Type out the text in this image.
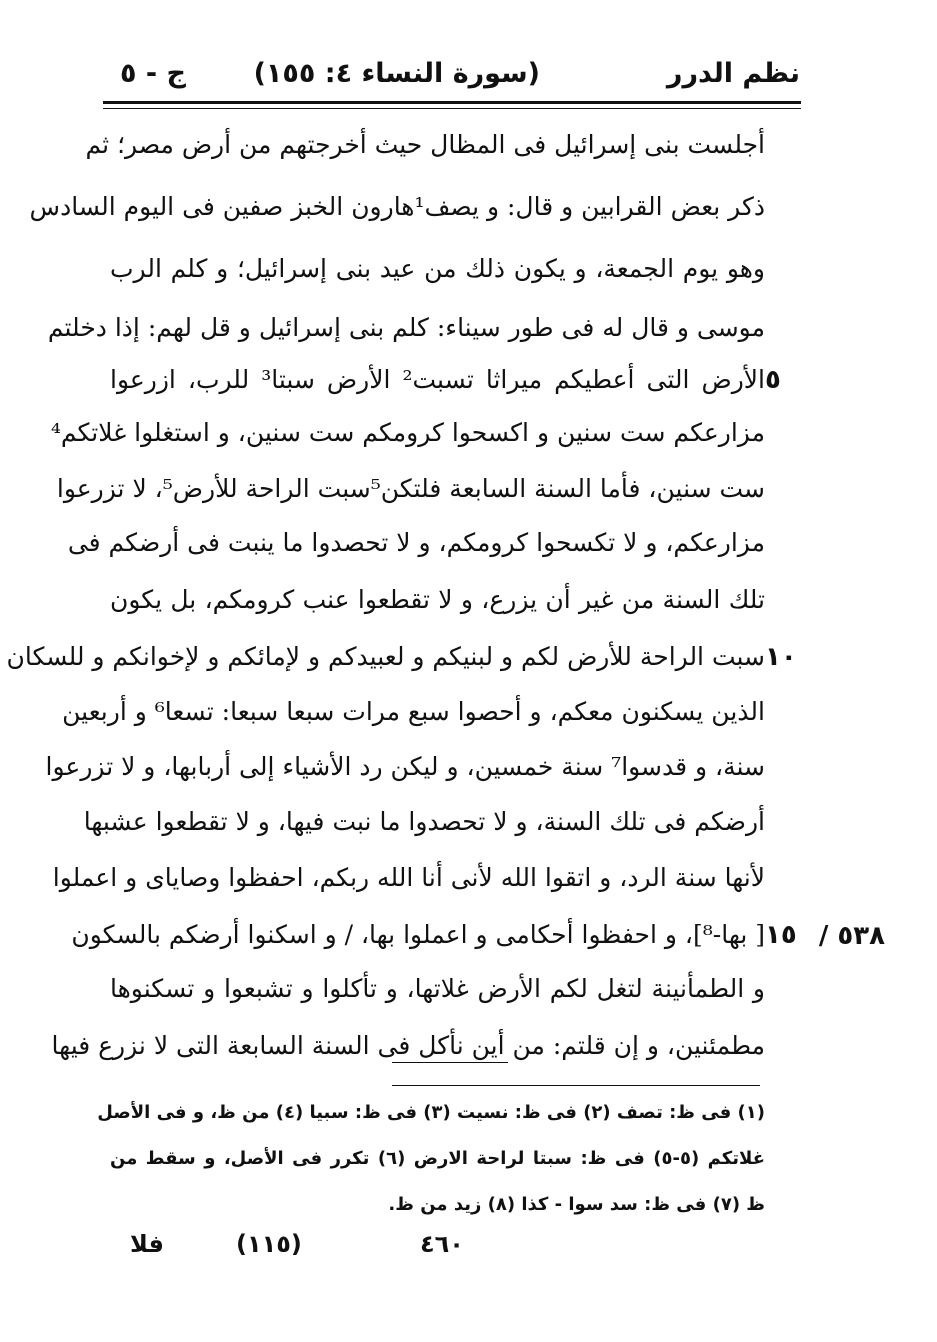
نظم الدرر
(سورة النساء ٤: ١٥٥)
ج - ٥
أجلست بنى إسرائيل فى المظال حيث أخرجتهم من أرض مصر؛ ثم
ذكر بعض القرابين و قال: و يصف¹هارون الخبز صفين فى اليوم السادس
وهو يوم الجمعة، و يكون ذلك من عيد بنى إسرائيل؛ و كلم الرب
موسى و قال له فى طور سيناء: كلم بنى إسرائيل و قل لهم: إذا دخلتم
الأرض التى أعطيكم ميراثا تسبت² الأرض سبتا³ للرب، ازرعوا
مزارعكم ست سنين و اكسحوا كرومكم ست سنين، و استغلوا غلاتكم⁴
ست سنين، فأما السنة السابعة فلتكن⁵سبت الراحة للأرض⁵، لا تزرعوا
مزارعكم، و لا تكسحوا كرومكم، و لا تحصدوا ما ينبت فى أرضكم فى
تلك السنة من غير أن يزرع، و لا تقطعوا عنب كرومكم، بل يكون
سبت الراحة للأرض لكم و لبنيكم و لعبيدكم و لإمائكم و لإخوانكم و للسكان
الذين يسكنون معكم، و أحصوا سبع مرات سبعا سبعا: تسعا⁶ و أربعين
سنة، و قدسوا⁷ سنة خمسين، و ليكن رد الأشياء إلى أربابها، و لا تزرعوا
أرضكم فى تلك السنة، و لا تحصدوا ما نبت فيها، و لا تقطعوا عشبها
لأنها سنة الرد، و اتقوا الله لأنى أنا الله ربكم، احفظوا وصاياى و اعملوا
[ بها-⁸]، و احفظوا أحكامى و اعملوا بها، / و اسكنوا أرضكم بالسكون
و الطمأنينة لتغل لكم الأرض غلاتها، و تأكلوا و تشبعوا و تسكنوها
مطمئنين، و إن قلتم: من أين نأكل فى السنة السابعة التى لا نزرع فيها
٥
١٠
١٥ ٥٣٨ /
(١) فى ظ: تصف (٢) فى ظ: نسيت (٣) فى ظ: سبيا (٤) من ظ، و فى الأصل
غلاتكم (٥-٥) فى ظ: سبتا لراحة الارض (٦) تكرر فى الأصل، و سقط من
ظ (٧) فى ظ: سد سوا - كذا (٨) زيد من ظ.
فلا	(١١٥)	٤٦٠
